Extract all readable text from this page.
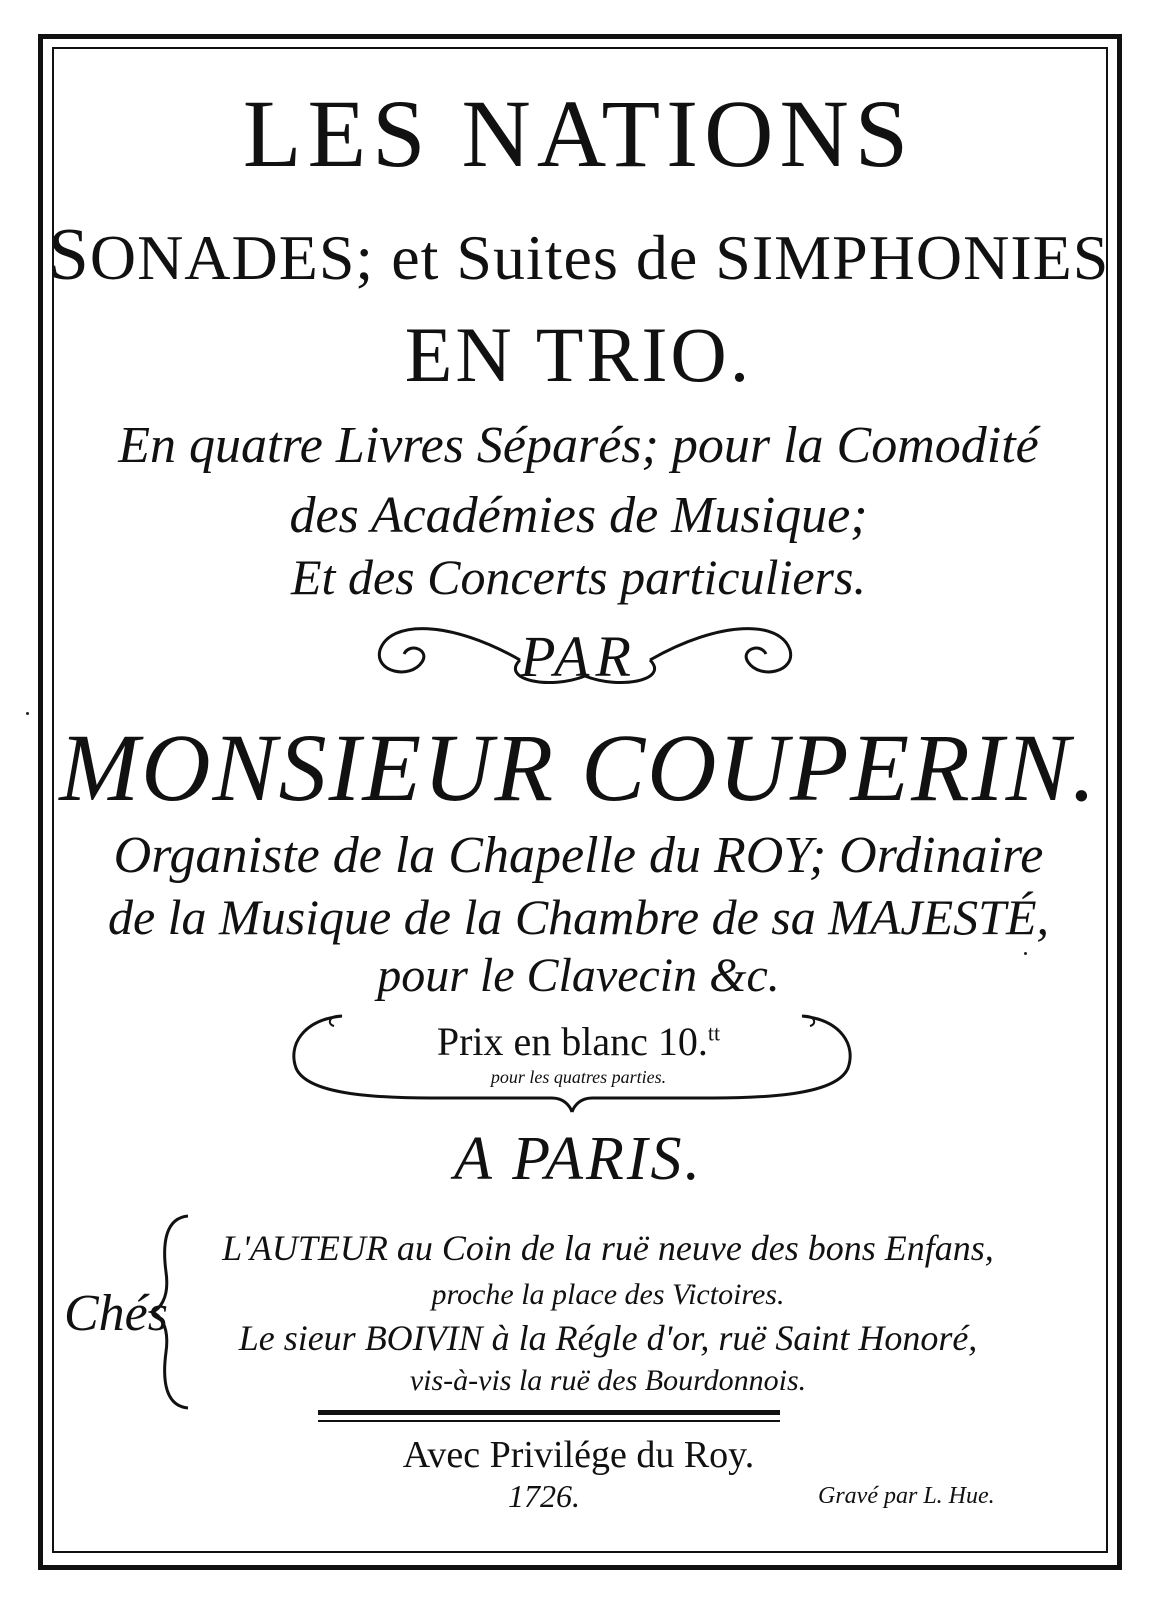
LES NATIONS
SONADES; et Suites de SIMPHONIES
EN TRIO.
En quatre Livres Séparés; pour la Comodité
des Académies de Musique;
Et des Concerts particuliers.
PAR
MONSIEUR COUPERIN.
Organiste de la Chapelle du ROY; Ordinaire
de la Musique de la Chambre de sa MAJESTÉ,
pour le Clavecin &c.
Prix en blanc 10.$^{tt}$
pour les quatres parties.
A PARIS.
Chés
L'AUTEUR au Coin de la ruë neuve des bons Enfans,
proche la place des Victoires.
Le sieur BOIVIN à la Régle d'or, ruë Saint Honoré,
vis-à-vis la ruë des Bourdonnois.
Avec Privilége du Roy.
1726.	Gravé par L. Hue.
